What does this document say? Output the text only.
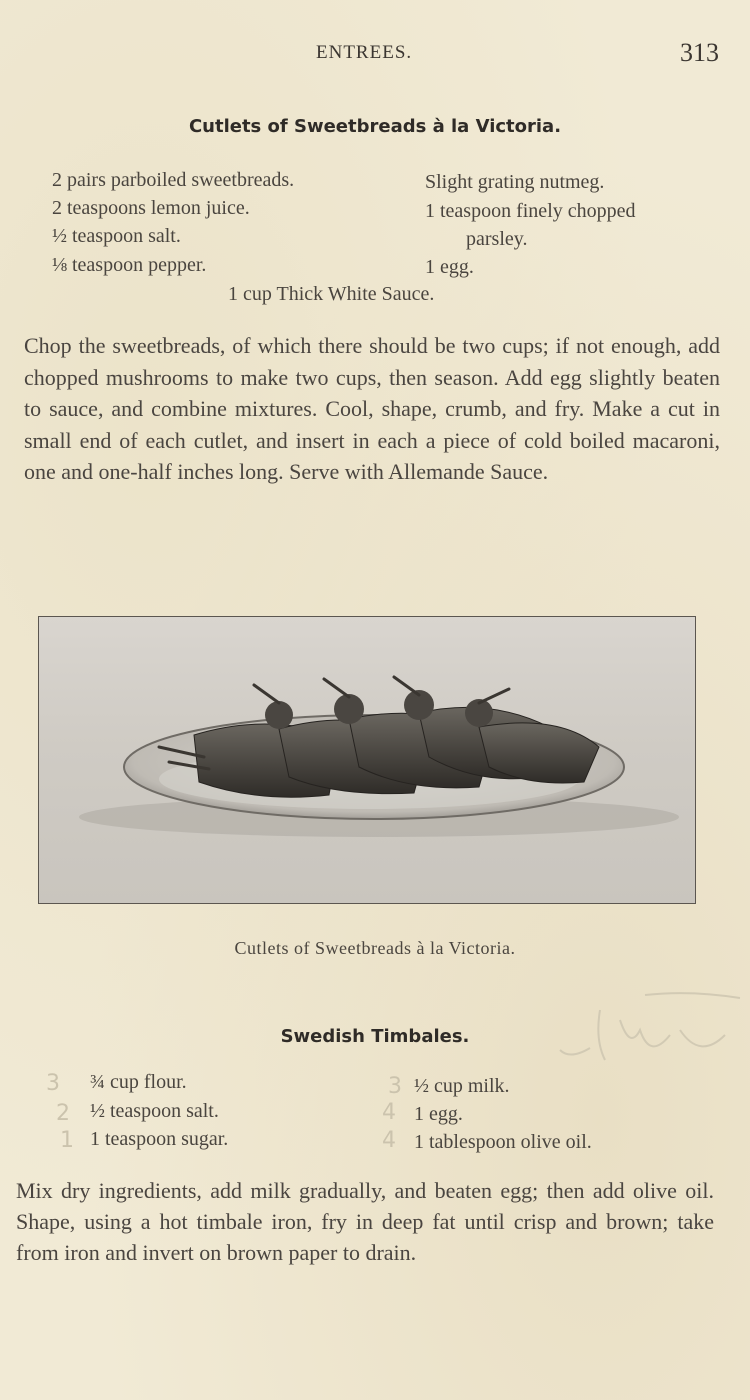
ENTREES.	313
Cutlets of Sweetbreads à la Victoria.
2 pairs parboiled sweetbreads.
2 teaspoons lemon juice.
½ teaspoon salt.
⅛ teaspoon pepper.
Slight grating nutmeg.
1 teaspoon finely chopped
parsley.
1 egg.
1 cup Thick White Sauce.
Chop the sweetbreads, of which there should be two cups; if not enough, add chopped mushrooms to make two cups, then season. Add egg slightly beaten to sauce, and combine mixtures. Cool, shape, crumb, and fry. Make a cut in small end of each cutlet, and insert in each a piece of cold boiled macaroni, one and one-half inches long. Serve with Allemande Sauce.
Cutlets of Sweetbreads à la Victoria.
3
2
1
3
4
4
Swedish Timbales.
¾ cup flour.
½ teaspoon salt.
1 teaspoon sugar.
½ cup milk.
1 egg.
1 tablespoon olive oil.
Mix dry ingredients, add milk gradually, and beaten egg; then add olive oil. Shape, using a hot timbale iron, fry in deep fat until crisp and brown; take from iron and invert on brown paper to drain.
